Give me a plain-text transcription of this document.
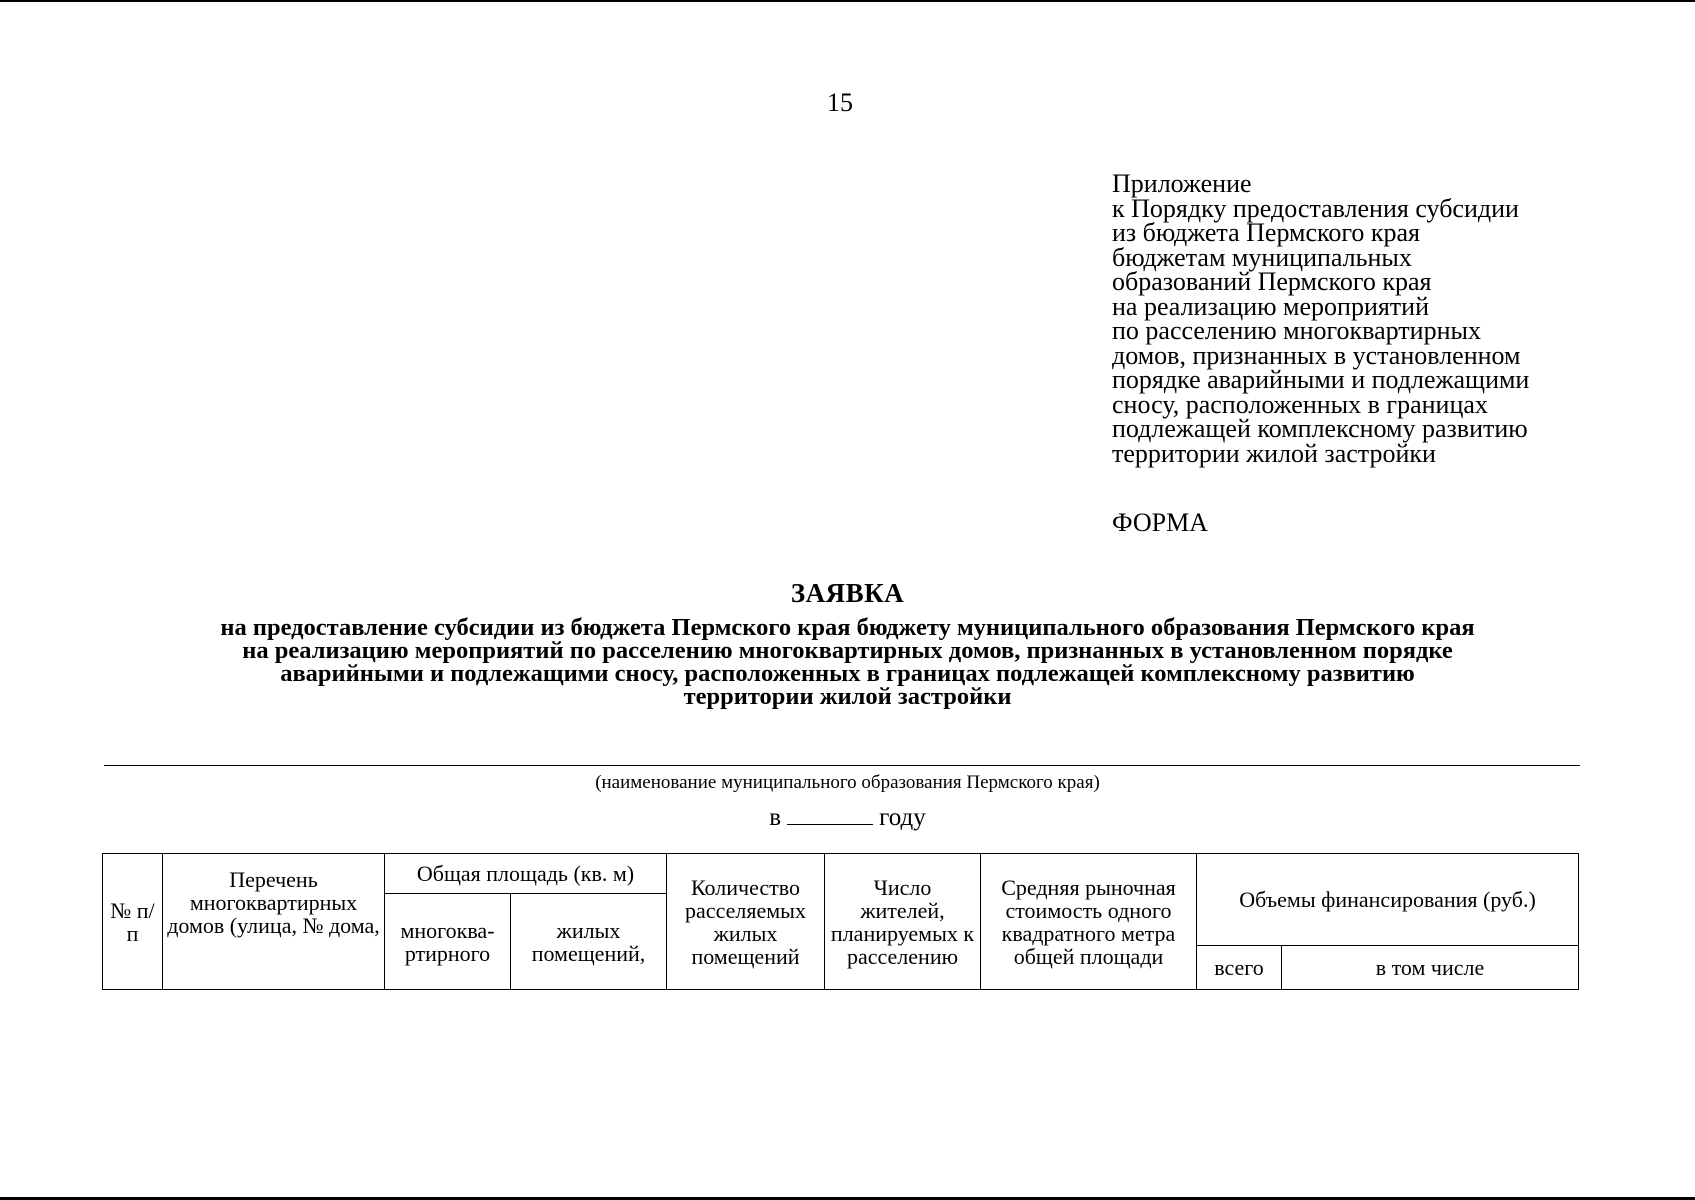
15
Приложение
к Порядку предоставления субсидии
из бюджета Пермского края
бюджетам муниципальных
образований Пермского края
на реализацию мероприятий
по расселению многоквартирных
домов, признанных в установленном
порядке аварийными и подлежащими
сносу, расположенных в границах
подлежащей комплексному развитию
территории жилой застройки
ФОРМА
ЗАЯВКА
на предоставление субсидии из бюджета Пермского края бюджету муниципального образования Пермского края
на реализацию мероприятий по расселению многоквартирных домов, признанных в установленном порядке
аварийными и подлежащими сносу, расположенных в границах подлежащей комплексному развитию
территории жилой застройки
(наименование муниципального образования Пермского края)
в	году
№ п/п	Перечень многоквартирных домов (улица, № дома,	Общая площадь (кв. м)		Количество расселяемых жилых помещений	Число жителей, планируемых к расселению	Средняя рыночная стоимость одного квадратного метра общей площади	Объемы финансирования (руб.)	
		многоква- ртирного	жилых помещений,					
							всего	в том числе
